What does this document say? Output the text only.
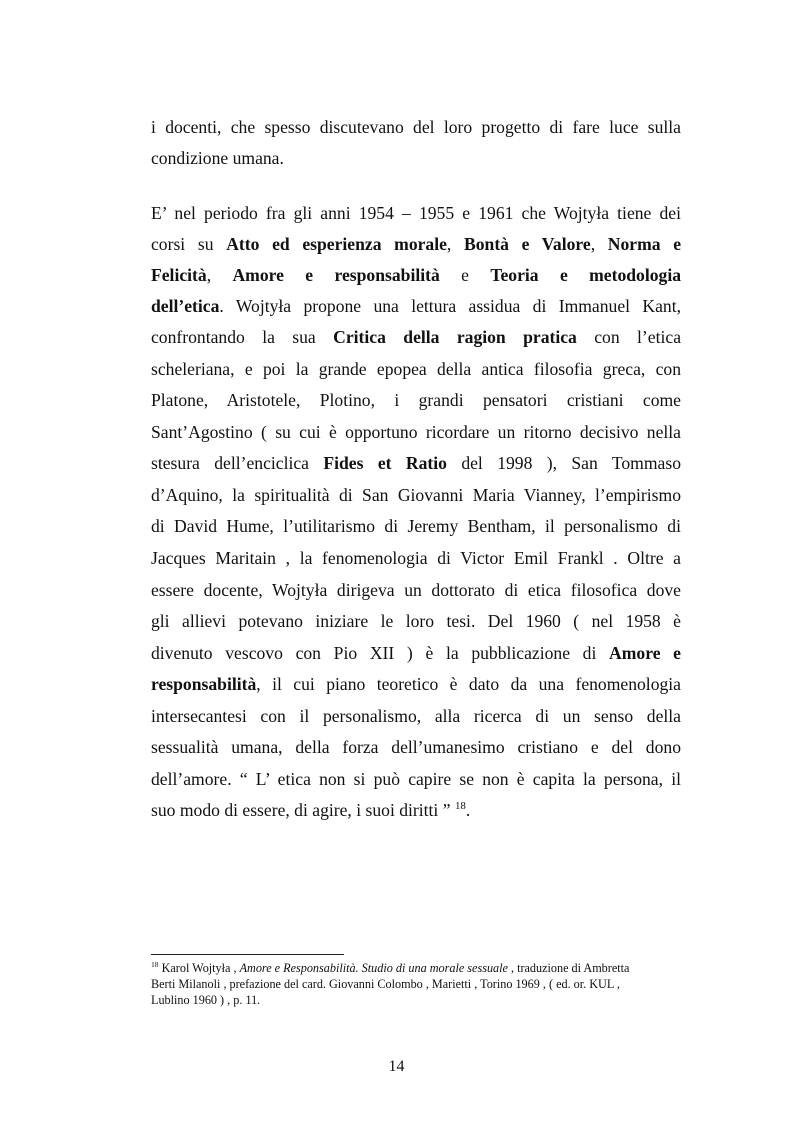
i docenti, che spesso discutevano del loro progetto di fare luce sulla
condizione umana.
E’ nel periodo fra gli anni 1954 – 1955 e 1961 che Wojtyła tiene dei
corsi su Atto ed esperienza morale, Bontà e Valore, Norma e
Felicità, Amore e responsabilità e Teoria e metodologia
dell’etica. Wojtyła propone una lettura assidua di Immanuel Kant,
confrontando la sua Critica della ragion pratica con l’etica
scheleriana, e poi la grande epopea della antica filosofia greca, con
Platone, Aristotele, Plotino, i grandi pensatori cristiani come
Sant’Agostino ( su cui è opportuno ricordare un ritorno decisivo nella
stesura dell’enciclica Fides et Ratio del 1998 ), San Tommaso
d’Aquino, la spiritualità di San Giovanni Maria Vianney, l’empirismo
di David Hume, l’utilitarismo di Jeremy Bentham, il personalismo di
Jacques Maritain , la fenomenologia di Victor Emil Frankl . Oltre a
essere docente, Wojtyła dirigeva un dottorato di etica filosofica dove
gli allievi potevano iniziare le loro tesi. Del 1960 ( nel 1958 è
divenuto vescovo con Pio XII ) è la pubblicazione di Amore e
responsabilità, il cui piano teoretico è dato da una fenomenologia
intersecantesi con il personalismo, alla ricerca di un senso della
sessualità umana, della forza dell’umanesimo cristiano e del dono
dell’amore. “ L’ etica non si può capire se non è capita la persona, il
suo modo di essere, di agire, i suoi diritti ” $^{18}$.
$^{18}$ Karol Wojtyła , Amore e Responsabilità. Studio di una morale sessuale , traduzione di Ambretta
Berti Milanoli , prefazione del card. Giovanni Colombo , Marietti , Torino 1969 , ( ed. or. KUL ,
Lublino 1960 ) , p. 11.
14
